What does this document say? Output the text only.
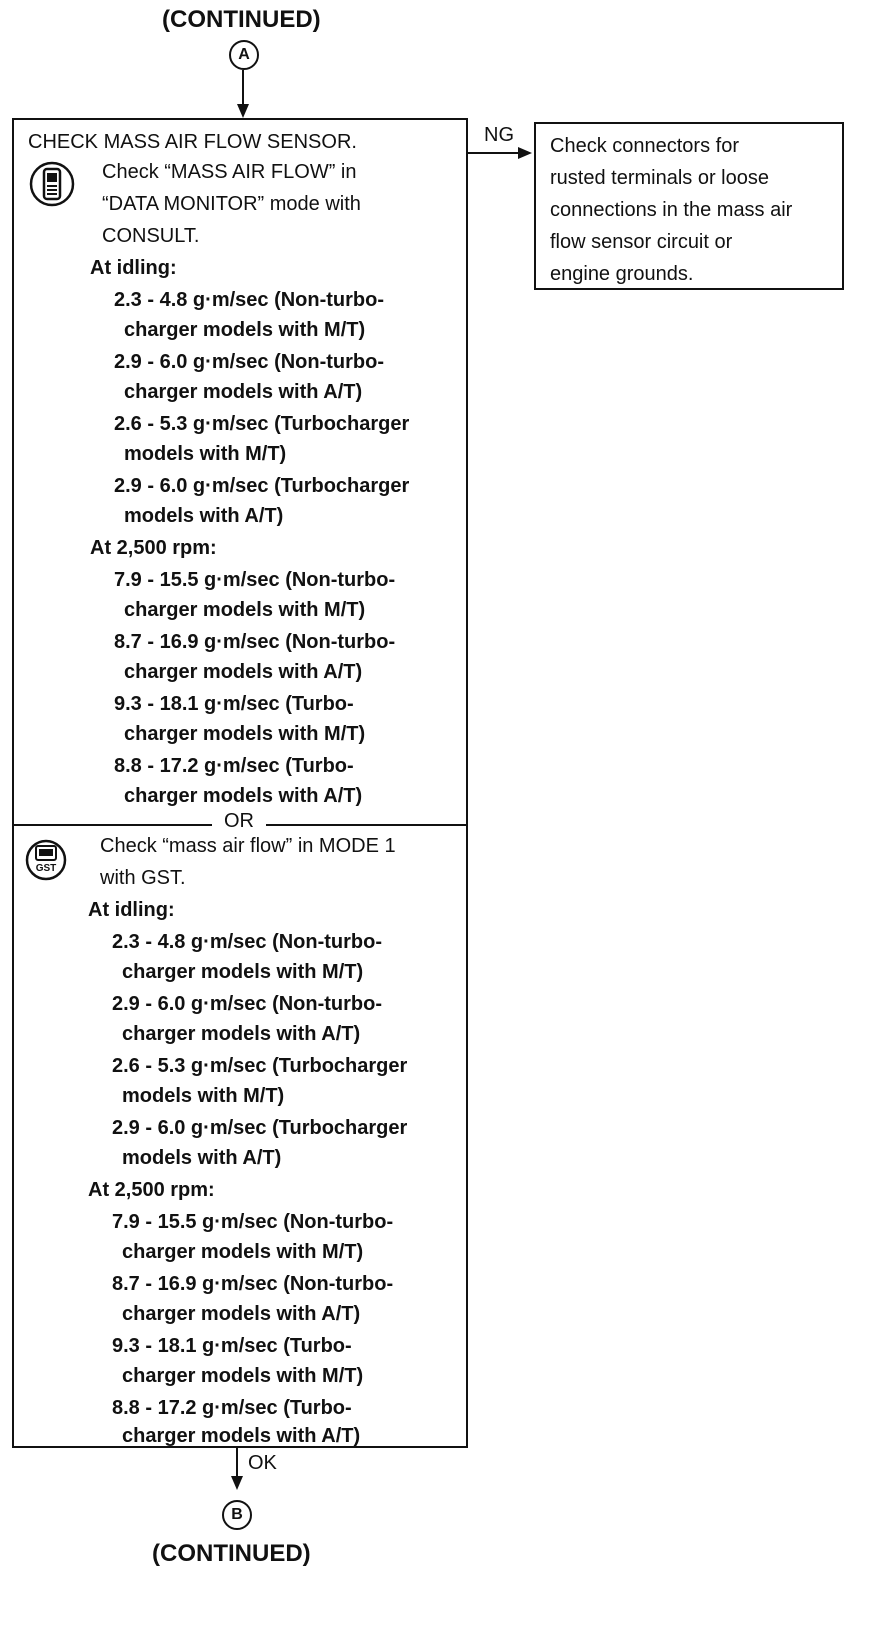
(CONTINUED)
A
CHECK MASS AIR FLOW SENSOR.
Check “MASS AIR FLOW” in
“DATA MONITOR” mode with
CONSULT.
At idling:
2.3 - 4.8 g·m/sec (Non-turbo-
charger models with M/T)
2.9 - 6.0 g·m/sec (Non-turbo-
charger models with A/T)
2.6 - 5.3 g·m/sec (Turbocharger
models with M/T)
2.9 - 6.0 g·m/sec (Turbocharger
models with A/T)
At 2,500 rpm:
7.9 - 15.5 g·m/sec (Non-turbo-
charger models with M/T)
8.7 - 16.9 g·m/sec (Non-turbo-
charger models with A/T)
9.3 - 18.1 g·m/sec (Turbo-
charger models with M/T)
8.8 - 17.2 g·m/sec (Turbo-
charger models with A/T)
OR
GST
Check “mass air flow” in MODE 1
with GST.
At idling:
2.3 - 4.8 g·m/sec (Non-turbo-
charger models with M/T)
2.9 - 6.0 g·m/sec (Non-turbo-
charger models with A/T)
2.6 - 5.3 g·m/sec (Turbocharger
models with M/T)
2.9 - 6.0 g·m/sec (Turbocharger
models with A/T)
At 2,500 rpm:
7.9 - 15.5 g·m/sec (Non-turbo-
charger models with M/T)
8.7 - 16.9 g·m/sec (Non-turbo-
charger models with A/T)
9.3 - 18.1 g·m/sec (Turbo-
charger models with M/T)
8.8 - 17.2 g·m/sec (Turbo-
charger models with A/T)
NG Check connectors for
rusted terminals or loose
connections in the mass air
flow sensor circuit or
engine grounds.
OK
B
(CONTINUED)
